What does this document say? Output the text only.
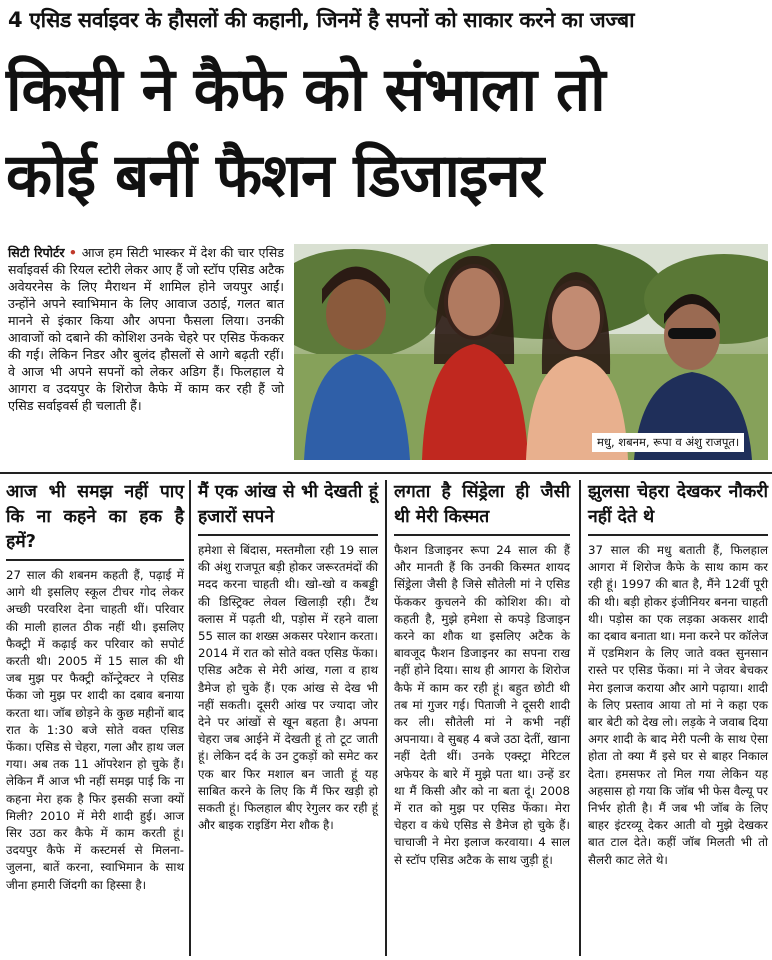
4 एसिड सर्वाइवर के हौसलों की कहानी, जिनमें है सपनों को साकार करने का जज्बा
किसी ने कैफे को संभाला तो
कोई बनीं फैशन डिजाइनर
सिटी रिपोर्टर • आज हम सिटी भास्कर में देश की चार एसिड सर्वाइवर्स की रियल स्टोरी लेकर आए हैं जो स्टॉप एसिड अटैक अवेयरनेस के लिए मैराथन में शामिल होने जयपुर आईं। उन्होंने अपने स्वाभिमान के लिए आवाज उठाई, गलत बात मानने से इंकार किया और अपना फैसला लिया। उनकी आवाजों को दबाने की कोशिश उनके चेहरे पर एसिड फेंककर की गई। लेकिन निडर और बुलंद हौसलों से आगे बढ़ती रहीं। वे आज भी अपने सपनों को लेकर अडिग हैं। फिलहाल ये आगरा व उदयपुर के शिरोज कैफे में काम कर रही हैं जो एसिड सर्वाइवर्स ही चलाती हैं।
मधु, शबनम, रूपा व अंशु राजपूत।
आज भी समझ नहीं पाए कि ना कहने का हक है हमें?

27 साल की शबनम कहती हैं, पढ़ाई में आगे थी इसलिए स्कूल टीचर गोद लेकर अच्छी परवरिश देना चाहती थीं। परिवार की माली हालत ठीक नहीं थी। इसलिए फैक्ट्री में कढ़ाई कर परिवार को सपोर्ट करती थी। 2005 में 15 साल की थी जब मुझ पर फैक्ट्री कॉन्ट्रेक्टर ने एसिड फेंका जो मुझ पर शादी का दबाव बनाया करता था। जॉब छोड़ने के कुछ महीनों बाद रात के 1:30 बजे सोते वक्त एसिड फेंका। एसिड से चेहरा, गला और हाथ जल गया। अब तक 11 ऑपरेशन हो चुके हैं। लेकिन मैं आज भी नहीं समझ पाई कि ना कहना मेरा हक है फिर इसकी सजा क्यों मिली? 2010 में मेरी शादी हुई। आज सिर उठा कर कैफे में काम करती हूं। उदयपुर कैफे में कस्टमर्स से मिलना-जुलना, बातें करना, स्वाभिमान के साथ जीना हमारी जिंदगी का हिस्सा है।

मैं एक आंख से भी देखती हूं हजारों सपने

हमेशा से बिंदास, मस्तमौला रही 19 साल की अंशु राजपूत बड़ी होकर जरूरतमंदों की मदद करना चाहती थी। खो-खो व कबड्डी की डिस्ट्रिक्ट लेवल खिलाड़ी रही। टैंथ क्लास में पढ़ती थी, पड़ोस में रहने वाला 55 साल का शख्स अकसर परेशान करता। 2014 में रात को सोते वक्त एसिड फेंका। एसिड अटैक से मेरी आंख, गला व हाथ डैमेज हो चुके हैं। एक आंख से देख भी नहीं सकती। दूसरी आंख पर ज्यादा जोर देने पर आंखों से खून बहता है। अपना चेहरा जब आईने में देखती हूं तो टूट जाती हूं। लेकिन दर्द के उन टुकड़ों को समेट कर एक बार फिर मशाल बन जाती हूं यह साबित करने के लिए कि मैं फिर खड़ी हो सकती हूं। फिलहाल बीए रेगुलर कर रही हूं और बाइक राइडिंग मेरा शौक है।

लगता है सिंड्रेला ही जैसी थी मेरी किस्मत

फैशन डिजाइनर रूपा 24 साल की हैं और मानती हैं कि उनकी किस्मत शायद सिंड्रेला जैसी है जिसे सौतेली मां ने एसिड फेंककर कुचलने की कोशिश की। वो कहती है, मुझे हमेशा से कपड़े डिजाइन करने का शौक था इसलिए अटैक के बावजूद फैशन डिजाइनर का सपना राख नहीं होने दिया। साथ ही आगरा के शिरोज कैफे में काम कर रही हूं। बहुत छोटी थी तब मां गुजर गई। पिताजी ने दूसरी शादी कर ली। सौतेली मां ने कभी नहीं अपनाया। वे सुबह 4 बजे उठा देतीं, खाना नहीं देती थीं। उनके एक्स्ट्रा मेरिटल अफेयर के बारे में मुझे पता था। उन्हें डर था मैं किसी और को ना बता दूं। 2008 में रात को मुझ पर एसिड फेंका। मेरा चेहरा व कंधे एसिड से डैमेज हो चुके हैं। चाचाजी ने मेरा इलाज करवाया। 4 साल से स्टॉप एसिड अटैक के साथ जुड़ी हूं।

झुलसा चेहरा देखकर नौकरी नहीं देते थे

37 साल की मधु बताती हैं, फिलहाल आगरा में शिरोज कैफे के साथ काम कर रही हूं। 1997 की बात है, मैंने 12वीं पूरी की थी। बड़ी होकर इंजीनियर बनना चाहती थी। पड़ोस का एक लड़का अकसर शादी का दबाव बनाता था। मना करने पर कॉलेज में एडमिशन के लिए जाते वक्त सुनसान रास्ते पर एसिड फेंका। मां ने जेवर बेचकर मेरा इलाज कराया और आगे पढ़ाया। शादी के लिए प्रस्ताव आया तो मां ने कहा एक बार बेटी को देख लो। लड़के ने जवाब दिया अगर शादी के बाद मेरी पत्नी के साथ ऐसा होता तो क्या मैं इसे घर से बाहर निकाल देता। हमसफर तो मिल गया लेकिन यह अहसास हो गया कि जॉब भी फेस वैल्यू पर निर्भर होती है। मैं जब भी जॉब के लिए बाहर इंटरव्यू देकर आती वो मुझे देखकर बात टाल देते। कहीं जॉब मिलती भी तो सैलरी काट लेते थे।
